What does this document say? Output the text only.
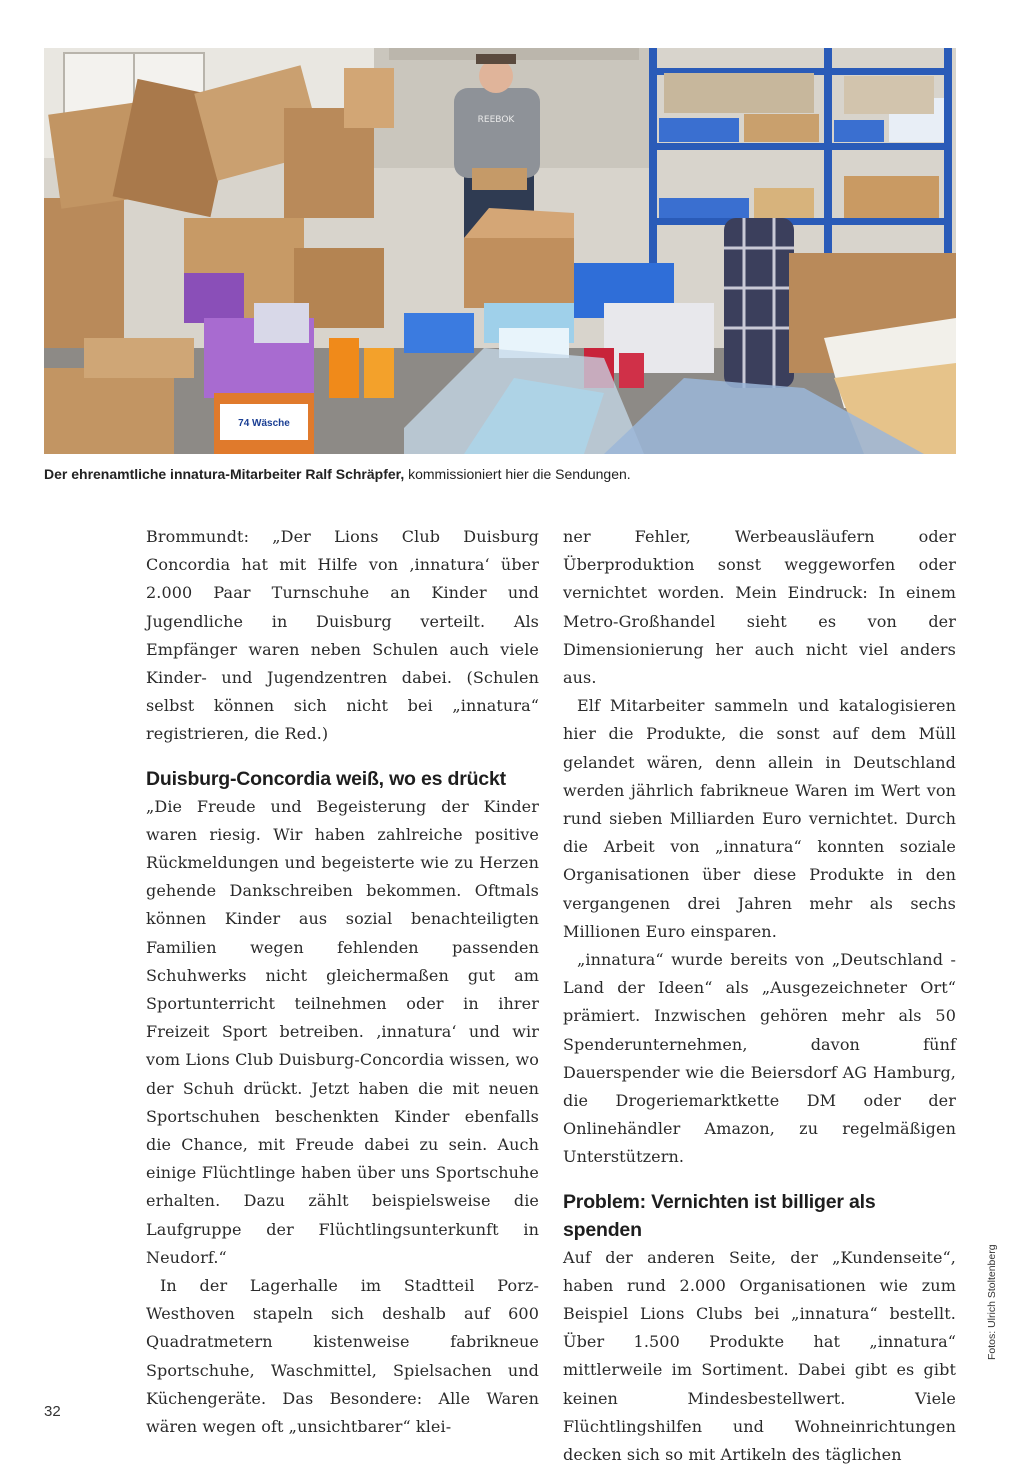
REEBOK
74 Wäsche
Der ehrenamtliche innatura-Mitarbeiter Ralf Schräpfer, kommissioniert hier die Sendungen.

Brommundt: „Der Lions Club Duisburg Concordia hat mit Hilfe von ‚innatura‘ über 2.000 Paar Turnschuhe an Kinder und Jugendliche in Duisburg verteilt. Als Empfänger waren neben Schulen auch viele Kinder- und Jugendzentren dabei. (Schulen selbst können sich nicht bei „innatura“ registrieren, die Red.)

Duisburg-Concordia weiß, wo es drückt

„Die Freude und Begeisterung der Kinder waren riesig. Wir haben zahlreiche positive Rückmeldungen und begeisterte wie zu Herzen gehende Dankschreiben bekommen. Oftmals können Kinder aus sozial benachteiligten Familien wegen fehlenden passenden Schuhwerks nicht gleichermaßen gut am Sportunterricht teilnehmen oder in ihrer Freizeit Sport betreiben. ‚innatura‘ und wir vom Lions Club Duisburg-Concordia wissen, wo der Schuh drückt. Jetzt haben die mit neuen Sportschuhen beschenkten Kinder ebenfalls die Chance, mit Freude dabei zu sein. Auch einige Flüchtlinge haben über uns Sportschuhe erhalten. Dazu zählt beispielsweise die Laufgruppe der Flüchtlingsunterkunft in Neudorf.“

In der Lagerhalle im Stadtteil Porz-Westhoven stapeln sich deshalb auf 600 Quadratmetern kistenweise fabrikneue Sportschuhe, Waschmittel, Spielsachen und Küchengeräte. Das Besondere: Alle Waren wären wegen oft „unsichtbarer“ klei-

ner Fehler, Werbeausläufern oder Überproduktion sonst weggeworfen oder vernichtet worden. Mein Eindruck: In einem Metro-Großhandel sieht es von der Dimensionierung her auch nicht viel anders aus.

Elf Mitarbeiter sammeln und katalogisieren hier die Produkte, die sonst auf dem Müll gelandet wären, denn allein in Deutschland werden jährlich fabrikneue Waren im Wert von rund sieben Milliarden Euro vernichtet. Durch die Arbeit von „innatura“ konnten soziale Organisationen über diese Produkte in den vergangenen drei Jahren mehr als sechs Millionen Euro einsparen.

„innatura“ wurde bereits von „Deutschland - Land der Ideen“ als „Ausgezeichneter Ort“ prämiert. Inzwischen gehören mehr als 50 Spenderunternehmen, davon fünf Dauerspender wie die Beiersdorf AG Hamburg, die Drogeriemarktkette DM oder der Onlinehändler Amazon, zu regelmäßigen Unterstützern.

Problem: Vernichten ist billiger als spenden

Auf der anderen Seite, der „Kundenseite“, haben rund 2.000 Organisationen wie zum Beispiel Lions Clubs bei „innatura“ bestellt. Über 1.500 Produkte hat „innatura“ mittlerweile im Sortiment. Dabei gibt es gibt keinen Mindesbestellwert. Viele Flüchtlingshilfen und Wohneinrichtungen decken sich so mit Artikeln des täglichen

32
Fotos: Ulrich Stoltenberg
